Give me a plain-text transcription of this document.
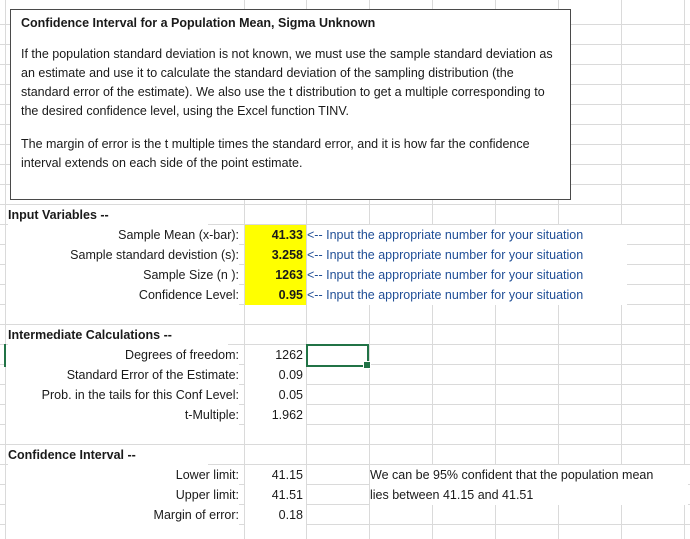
Confidence Interval for a Population Mean, Sigma Unknown

If the population standard deviation is not known, we must use the sample standard deviation as an estimate and use it to calculate the standard deviation of the sampling distribution (the standard error of the estimate). We also use the t distribution to get a multiple corresponding to the desired confidence level, using the Excel function TINV.

The margin of error is the t multiple times the standard error, and it is how far the confidence interval extends on each side of the point estimate.

Input Variables --
Sample Mean (x-bar):	41.33 <-- Input the appropriate number for your situation
Sample standard devistion (s):	3.258 <-- Input the appropriate number for your situation
Sample Size (n ):	1263 <-- Input the appropriate number for your situation
Confidence Level:	0.95 <-- Input the appropriate number for your situation
Intermediate Calculations --
Degrees of freedom:	1262
Standard Error of the Estimate:	0.09
Prob. in the tails for this Conf Level:	0.05
t-Multiple:	1.962
Confidence Interval --
Lower limit:	41.15	We can be 95% confident that the population mean
Upper limit:	41.51	lies between 41.15 and 41.51
Margin of error:	0.18
